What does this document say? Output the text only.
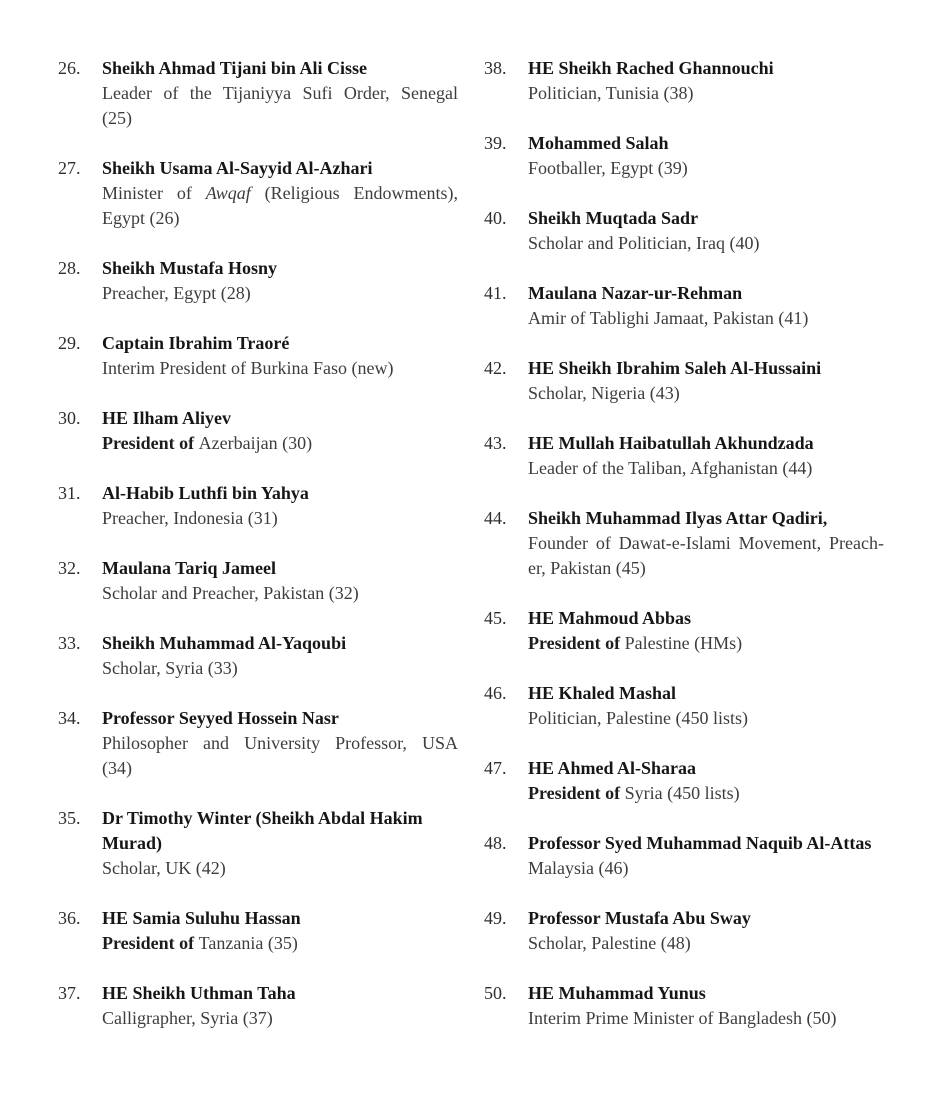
26.	Sheikh Ahmad Tijani bin Ali Cisse
Leader of the Tijaniyya Sufi Order, Senegal
(25)
27.	Sheikh Usama Al-Sayyid Al-Azhari
Minister of Awqaf (Religious Endowments),
Egypt (26)
28.	Sheikh Mustafa Hosny
Preacher, Egypt (28)
29.	Captain Ibrahim Traoré
Interim President of Burkina Faso (new)
30.	HE Ilham Aliyev
President of Azerbaijan (30)
31.	Al-Habib Luthfi bin Yahya
Preacher, Indonesia (31)
32.	Maulana Tariq Jameel
Scholar and Preacher, Pakistan (32)
33.	Sheikh Muhammad Al-Yaqoubi
Scholar, Syria (33)
34.	Professor Seyyed Hossein Nasr
Philosopher and University Professor, USA
(34)
35.	Dr Timothy Winter (Sheikh Abdal Hakim
Murad)
Scholar, UK (42)
36.	HE Samia Suluhu Hassan
President of Tanzania (35)
37.	HE Sheikh Uthman Taha
Calligrapher, Syria (37)
38.	HE Sheikh Rached Ghannouchi
Politician, Tunisia (38)
39.	Mohammed Salah
Footballer, Egypt (39)
40.	Sheikh Muqtada Sadr
Scholar and Politician, Iraq (40)
41.	Maulana Nazar-ur-Rehman
Amir of Tablighi Jamaat, Pakistan (41)
42.	HE Sheikh Ibrahim Saleh Al-Hussaini
Scholar, Nigeria (43)
43.	HE Mullah Haibatullah Akhundzada
Leader of the Taliban, Afghanistan (44)
44.	Sheikh Muhammad Ilyas Attar Qadiri,
Founder of Dawat-e-Islami Movement, Preach-
er, Pakistan (45)
45.	HE Mahmoud Abbas
President of Palestine (HMs)
46.	HE Khaled Mashal
Politician, Palestine (450 lists)
47.	HE Ahmed Al-Sharaa
President of Syria (450 lists)
48.	Professor Syed Muhammad Naquib Al-Attas
Malaysia (46)
49.	Professor Mustafa Abu Sway
Scholar, Palestine (48)
50.	HE Muhammad Yunus
Interim Prime Minister of Bangladesh (50)
